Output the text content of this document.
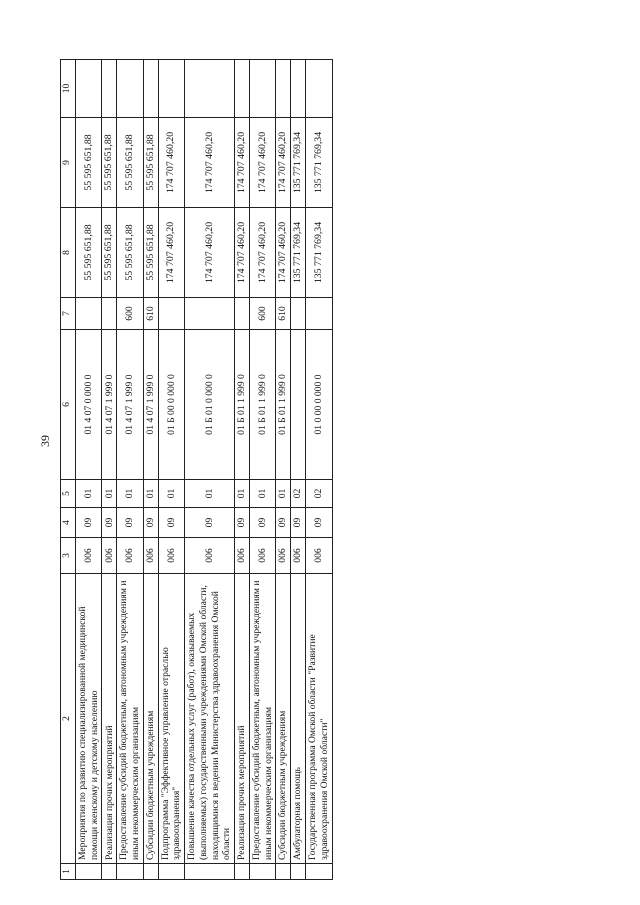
39
1	2	3	4	5	6	7	8	9	10
	Мероприятия по развитию специализированной медицинской помощи женскому и детскому населению	006	09	01	01 4 07 0 000 0		55 595 651,88	55 595 651,88	
	Реализация прочих мероприятий	006	09	01	01 4 07 1 999 0		55 595 651,88	55 595 651,88	
	Предоставление субсидий бюджетным, автономным учреждениям и иным некоммерческим организациям	006	09	01	01 4 07 1 999 0	600	55 595 651,88	55 595 651,88	
	Субсидии бюджетным учреждениям	006	09	01	01 4 07 1 999 0	610	55 595 651,88	55 595 651,88	
	Подпрограмма "Эффективное управление отраслью здравоохранения"	006	09	01	01 Б 00 0 000 0		174 707 460,20	174 707 460,20	
	Повышение качества отдельных услуг (работ), оказываемых (выполняемых) государственными учреждениями Омской области, находящимися в ведении Министерства здравоохранения Омской области	006	09	01	01 Б 01 0 000 0		174 707 460,20	174 707 460,20	
	Реализация прочих мероприятий	006	09	01	01 Б 01 1 999 0		174 707 460,20	174 707 460,20	
	Предоставление субсидий бюджетным, автономным учреждениям и иным некоммерческим организациям	006	09	01	01 Б 01 1 999 0	600	174 707 460,20	174 707 460,20	
	Субсидии бюджетным учреждениям	006	09	01	01 Б 01 1 999 0	610	174 707 460,20	174 707 460,20	
	Амбулаторная помощь	006	09	02			135 771 769,34	135 771 769,34	
	Государственная программа Омской области "Развитие здравоохранения Омской области"	006	09	02	01 0 00 0 000 0		135 771 769,34	135 771 769,34	
